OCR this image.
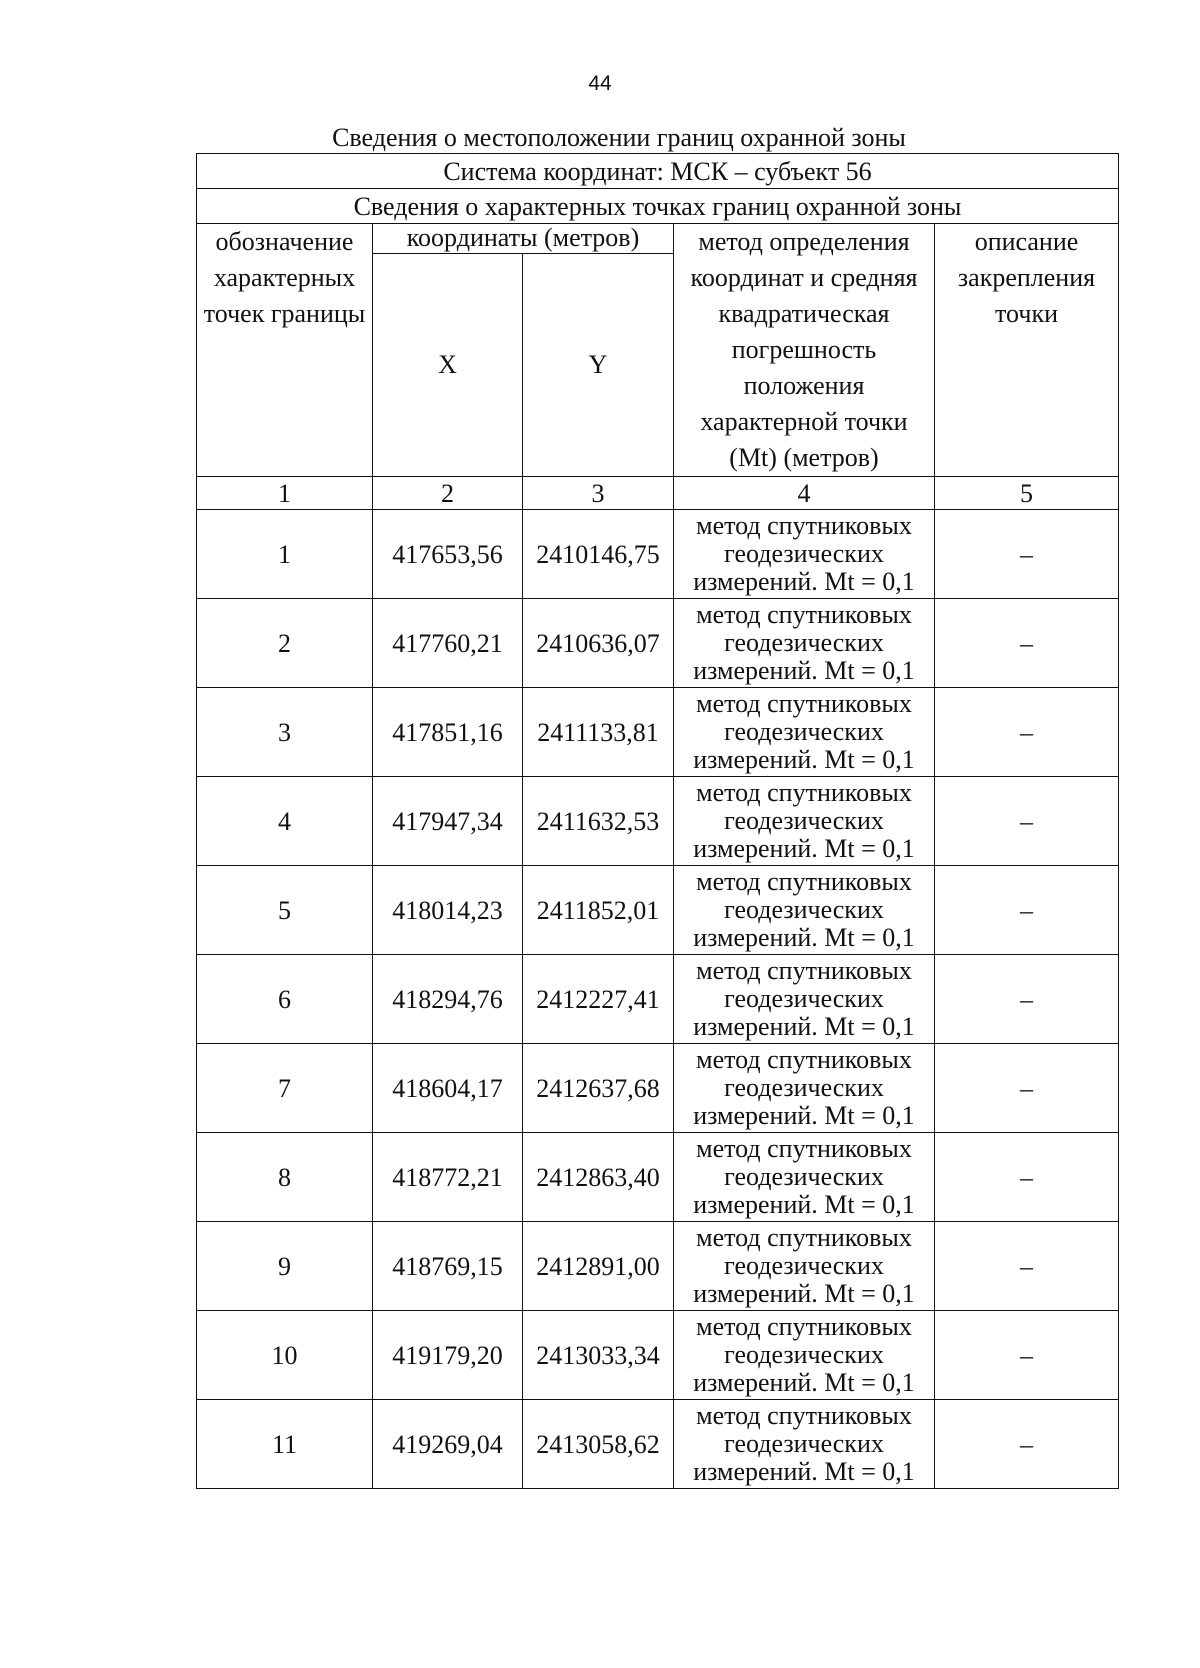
44
Сведения о местоположении границ охранной зоны
Система координат: МСК – субъект 56				
Сведения о характерных точках границ охранной зоны				
обозначение характерных точек границы	координаты (метров)		метод определения координат и средняя квадратическая погрешность положения характерной точки (Mt) (метров)	описание закрепления точки
	X	Y		
1	2	3	4	5
1	417653,56	2410146,75	метод спутниковых геодезических измерений. Mt = 0,1	–
2	417760,21	2410636,07	метод спутниковых геодезических измерений. Mt = 0,1	–
3	417851,16	2411133,81	метод спутниковых геодезических измерений. Mt = 0,1	–
4	417947,34	2411632,53	метод спутниковых геодезических измерений. Mt = 0,1	–
5	418014,23	2411852,01	метод спутниковых геодезических измерений. Mt = 0,1	–
6	418294,76	2412227,41	метод спутниковых геодезических измерений. Mt = 0,1	–
7	418604,17	2412637,68	метод спутниковых геодезических измерений. Mt = 0,1	–
8	418772,21	2412863,40	метод спутниковых геодезических измерений. Mt = 0,1	–
9	418769,15	2412891,00	метод спутниковых геодезических измерений. Mt = 0,1	–
10	419179,20	2413033,34	метод спутниковых геодезических измерений. Mt = 0,1	–
11	419269,04	2413058,62	метод спутниковых геодезических измерений. Mt = 0,1	–
